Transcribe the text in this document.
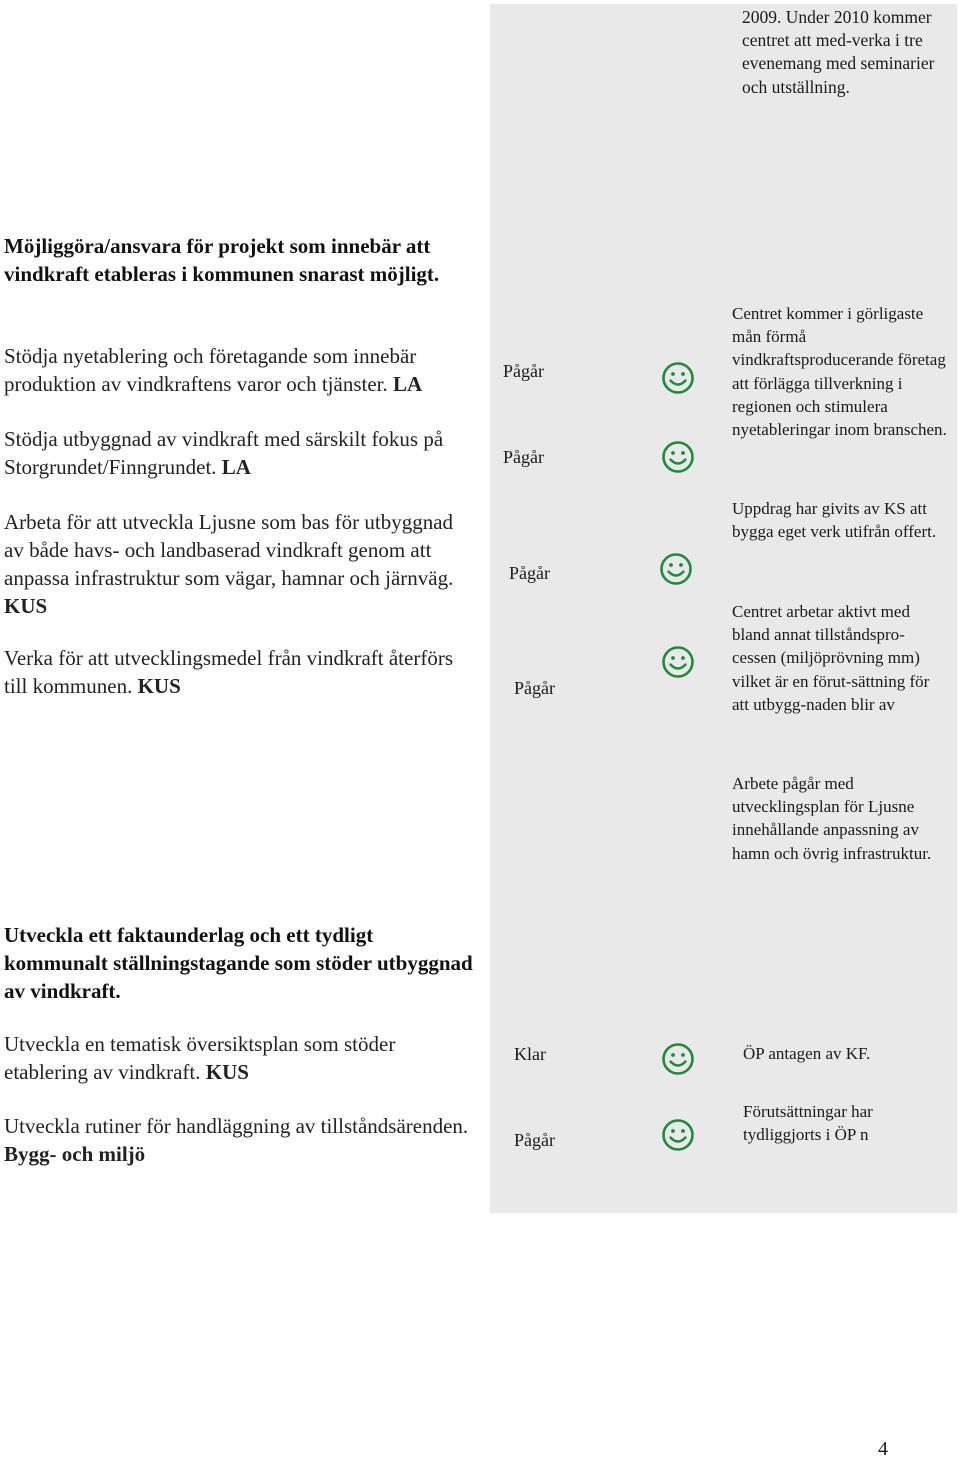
2009. Under 2010 kommer centret att med-verka i tre evenemang med seminarier och utställning.

Möjliggöra/ansvara för projekt som innebär att vindkraft etableras i kommunen snarast möjligt.

Stödja nyetablering och företagande som innebär produktion av vindkraftens varor och tjänster. LA

Stödja utbyggnad av vindkraft med särskilt fokus på Storgrundet/Finngrundet. LA

Arbeta för att utveckla Ljusne som bas för utbyggnad av både havs- och landbaserad vindkraft genom att anpassa infrastruktur som vägar, hamnar och järnväg. KUS

Verka för att utvecklingsmedel från vindkraft återförs till kommunen. KUS

Pågår
Pågår
Pågår
Pågår

Centret kommer i görligaste mån förmå vindkraftsproducerande företag att förlägga tillverkning i regionen och stimulera nyetableringar inom branschen.

Uppdrag har givits av KS att bygga eget verk utifrån offert.

Centret arbetar aktivt med bland annat tillståndspro-cessen (miljöprövning mm) vilket är en förut-sättning för att utbygg-naden blir av

Arbete pågår med utvecklingsplan för Ljusne innehållande anpassning av hamn och övrig infrastruktur.

Utveckla ett faktaunderlag och ett tydligt kommunalt ställningstagande som stöder utbyggnad av vindkraft.

Utveckla en tematisk översiktsplan som stöder etablering av vindkraft. KUS

Utveckla rutiner för handläggning av tillståndsärenden. Bygg- och miljö

Klar
Pågår

ÖP antagen av KF.

Förutsättningar har tydliggjorts i ÖP n

4
